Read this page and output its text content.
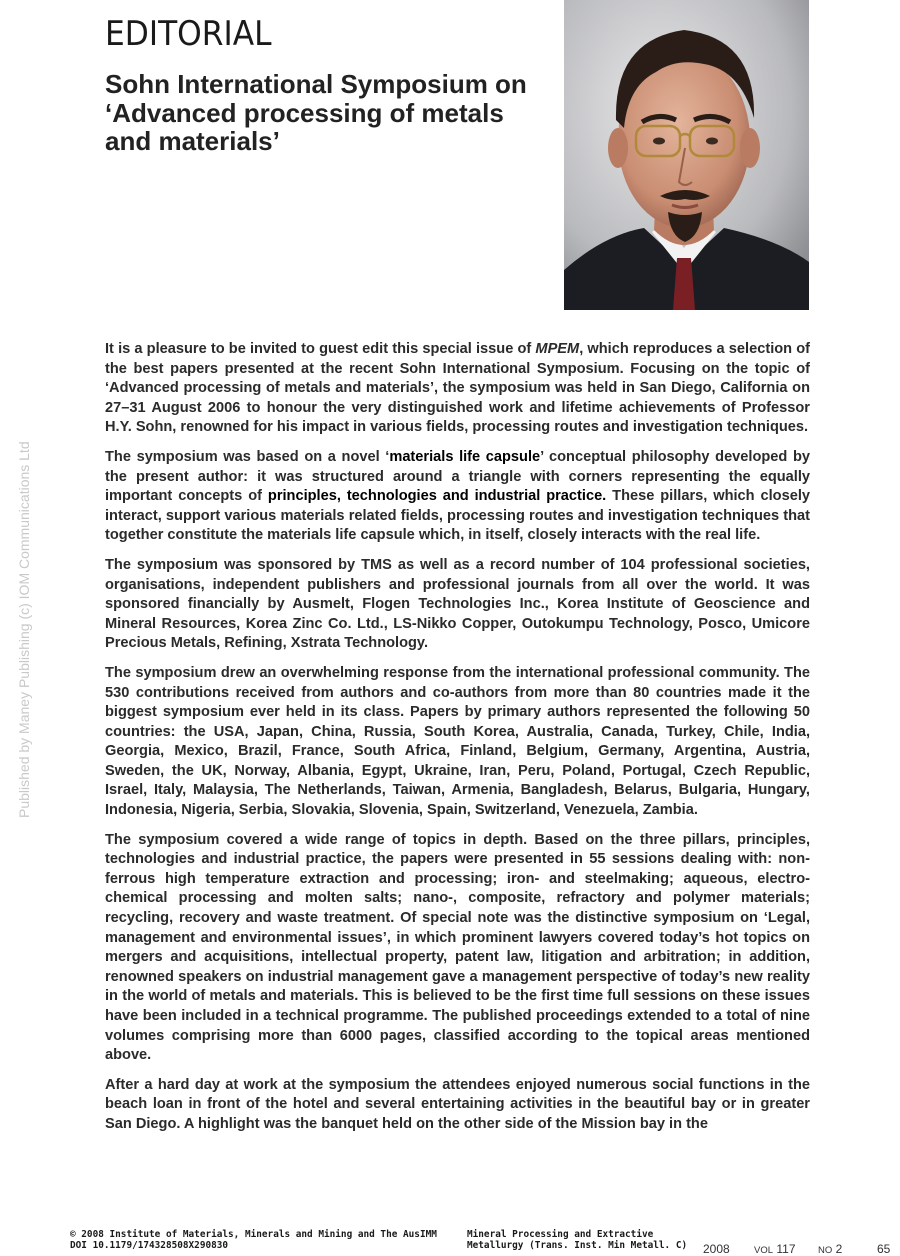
EDITORIAL
Sohn International Symposium on ‘Advanced processing of metals and materials’
Published by Maney Publishing (c) IOM Communications Ltd

It is a pleasure to be invited to guest edit this special issue of MPEM, which reproduces a selection of the best papers presented at the recent Sohn International Symposium. Focusing on the topic of ‘Advanced processing of metals and materials’, the symposium was held in San Diego, California on 27–31 August 2006 to honour the very distinguished work and lifetime achievements of Professor H.Y. Sohn, renowned for his impact in various fields, processing routes and investigation techniques.

The symposium was based on a novel ‘materials life capsule’ conceptual philosophy developed by the present author: it was structured around a triangle with corners representing the equally important concepts of principles, technologies and industrial practice. These pillars, which closely interact, support various materials related fields, processing routes and investigation techniques that together constitute the materials life capsule which, in itself, closely interacts with the real life.

The symposium was sponsored by TMS as well as a record number of 104 professional societies, organisations, independent publishers and professional journals from all over the world. It was sponsored financially by Ausmelt, Flogen Technologies Inc., Korea Institute of Geoscience and Mineral Resources, Korea Zinc Co. Ltd., LS-Nikko Copper, Outokumpu Technology, Posco, Umicore Precious Metals, Refining, Xstrata Technology.

The symposium drew an overwhelming response from the international professional community. The 530 contributions received from authors and co-authors from more than 80 countries made it the biggest symposium ever held in its class. Papers by primary authors represented the following 50 countries: the USA, Japan, China, Russia, South Korea, Australia, Canada, Turkey, Chile, India, Georgia, Mexico, Brazil, France, South Africa, Finland, Belgium, Germany, Argentina, Austria, Sweden, the UK, Norway, Albania, Egypt, Ukraine, Iran, Peru, Poland, Portugal, Czech Republic, Israel, Italy, Malaysia, The Netherlands, Taiwan, Armenia, Bangladesh, Belarus, Bulgaria, Hungary, Indonesia, Nigeria, Serbia, Slovakia, Slovenia, Spain, Switzerland, Venezuela, Zambia.

The symposium covered a wide range of topics in depth. Based on the three pillars, principles, technologies and industrial practice, the papers were presented in 55 sessions dealing with: non-ferrous high temperature extraction and processing; iron- and steelmaking; aqueous, electro-chemical processing and molten salts; nano-, composite, refractory and polymer materials; recycling, recovery and waste treatment. Of special note was the distinctive symposium on ‘Legal, management and environmental issues’, in which prominent lawyers covered today’s hot topics on mergers and acquisitions, intellectual property, patent law, litigation and arbitration; in addition, renowned speakers on industrial management gave a management perspective of today’s new reality in the world of metals and materials. This is believed to be the first time full sessions on these issues have been included in a technical programme. The published proceedings extended to a total of nine volumes comprising more than 6000 pages, classified according to the topical areas mentioned above.

After a hard day at work at the symposium the attendees enjoyed numerous social functions in the beach loan in front of the hotel and several entertaining activities in the beautiful bay or in greater San Diego. A highlight was the banquet held on the other side of the Mission bay in the

© 2008 Institute of Materials, Minerals and Mining and The AusIMM
DOI 10.1179/174328508X290830
Mineral Processing and Extractive
Metallurgy (Trans. Inst. Min Metall. C) 2008	VOL 117 NO 2	65
